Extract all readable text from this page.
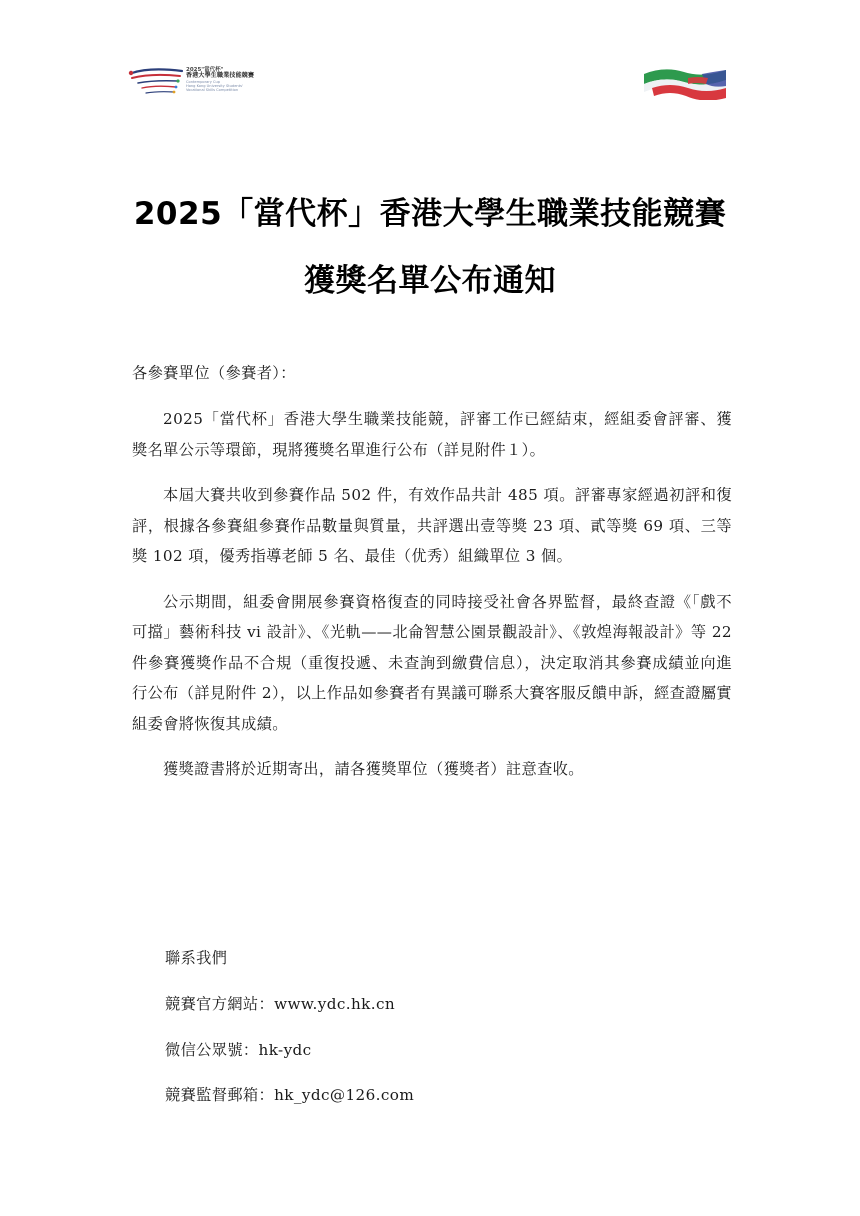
2025"當代杯"
香港大學生職業技能競賽
Contemporary Cup
Hong Kong University Students'
Vocational Skills Competition
2025「當代杯」香港大學生職業技能競賽
獲獎名單公布通知
各參賽單位（參賽者）：

2025「當代杯」香港大學生職業技能競，評審工作已經結束，經組委會評審、獲獎名單公示等環節，現將獲獎名單進行公布（詳見附件１）。

本屆大賽共收到參賽作品 502 件，有效作品共計 485 項。評審專家經過初評和復評，根據各參賽組參賽作品數量與質量，共評選出壹等獎 23 項、貳等獎 69 項、三等獎 102 項，優秀指導老師 5 名、最佳（优秀）組織單位 3 個。

公示期間，組委會開展參賽資格復查的同時接受社會各界監督，最終查證《「戲不可擋」藝術科技 vi 設計》、《光軌——北侖智慧公園景觀設計》、《敦煌海報設計》等 22 件參賽獲獎作品不合規（重復投遞、未查詢到繳費信息），決定取消其參賽成績並向進行公布（詳見附件 2），以上作品如參賽者有異議可聯系大賽客服反饋申訴，經查證屬實組委會將恢復其成績。

獲獎證書將於近期寄出，請各獲獎單位（獲獎者）註意查收。

聯系我們
競賽官方網站：www.ydc.hk.cn
微信公眾號：hk-ydc
競賽監督郵箱：hk_ydc@126.com
